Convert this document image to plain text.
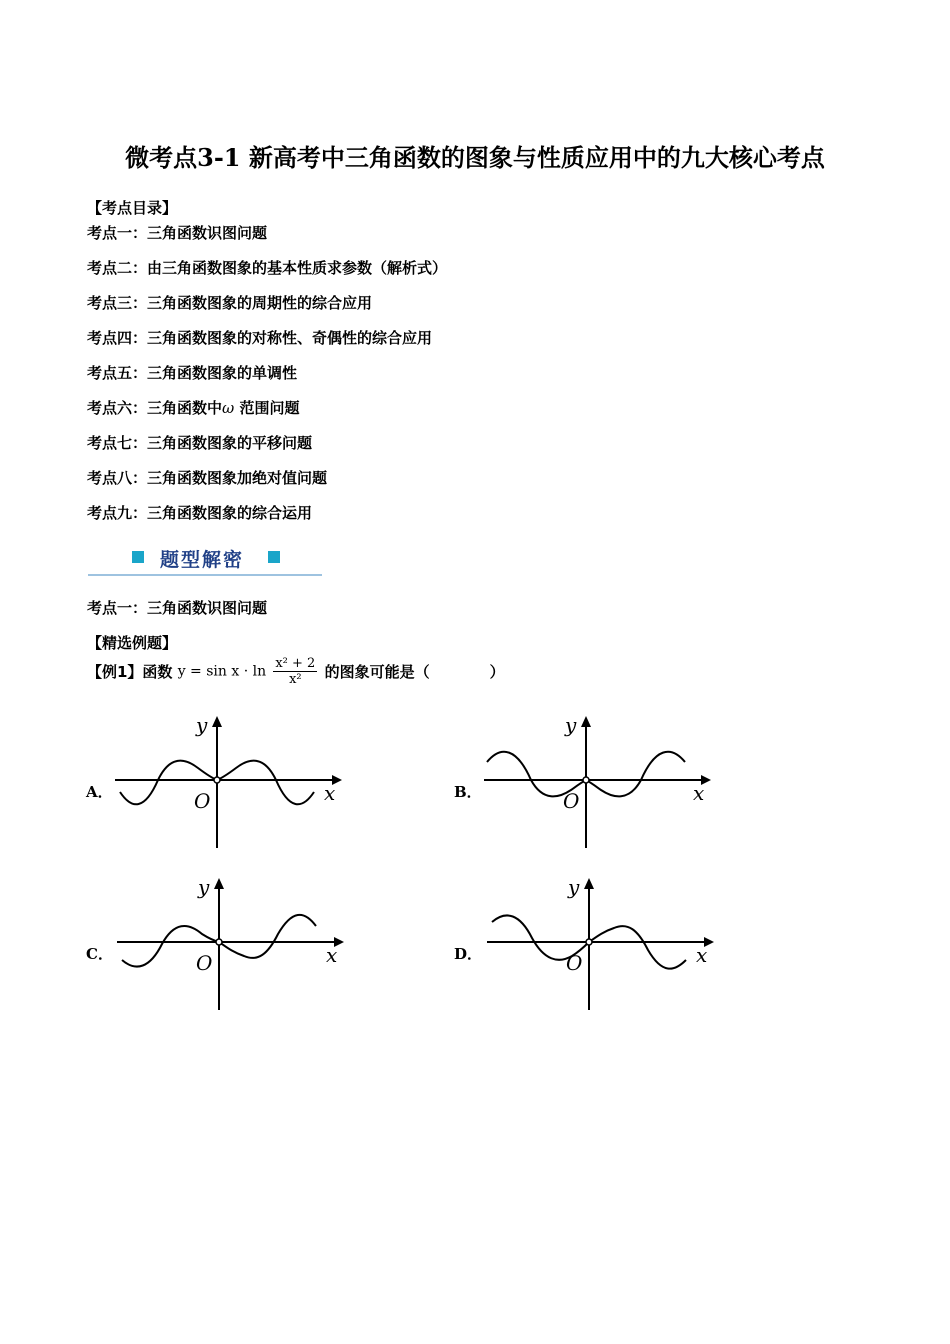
微考点3-1 新高考中三角函数的图象与性质应用中的九大核心考点
【考点目录】
考点一：三角函数识图问题
考点二：由三角函数图象的基本性质求参数（解析式）
考点三：三角函数图象的周期性的综合应用
考点四：三角函数图象的对称性、奇偶性的综合应用
考点五：三角函数图象的单调性
考点六：三角函数中ω 范围问题
考点七：三角函数图象的平移问题
考点八：三角函数图象加绝对值问题
考点九：三角函数图象的综合运用
题型解密
考点一：三角函数识图问题
【精选例题】
【例1】函数 $y = \sin x \cdot \ln \frac{\text{x² + 2}}{\text{x²}}$ 的图象可能是（　　　　）
A．	O	x
y
B．	O	x
y
C．	O	x
y
D．	O	x
y
